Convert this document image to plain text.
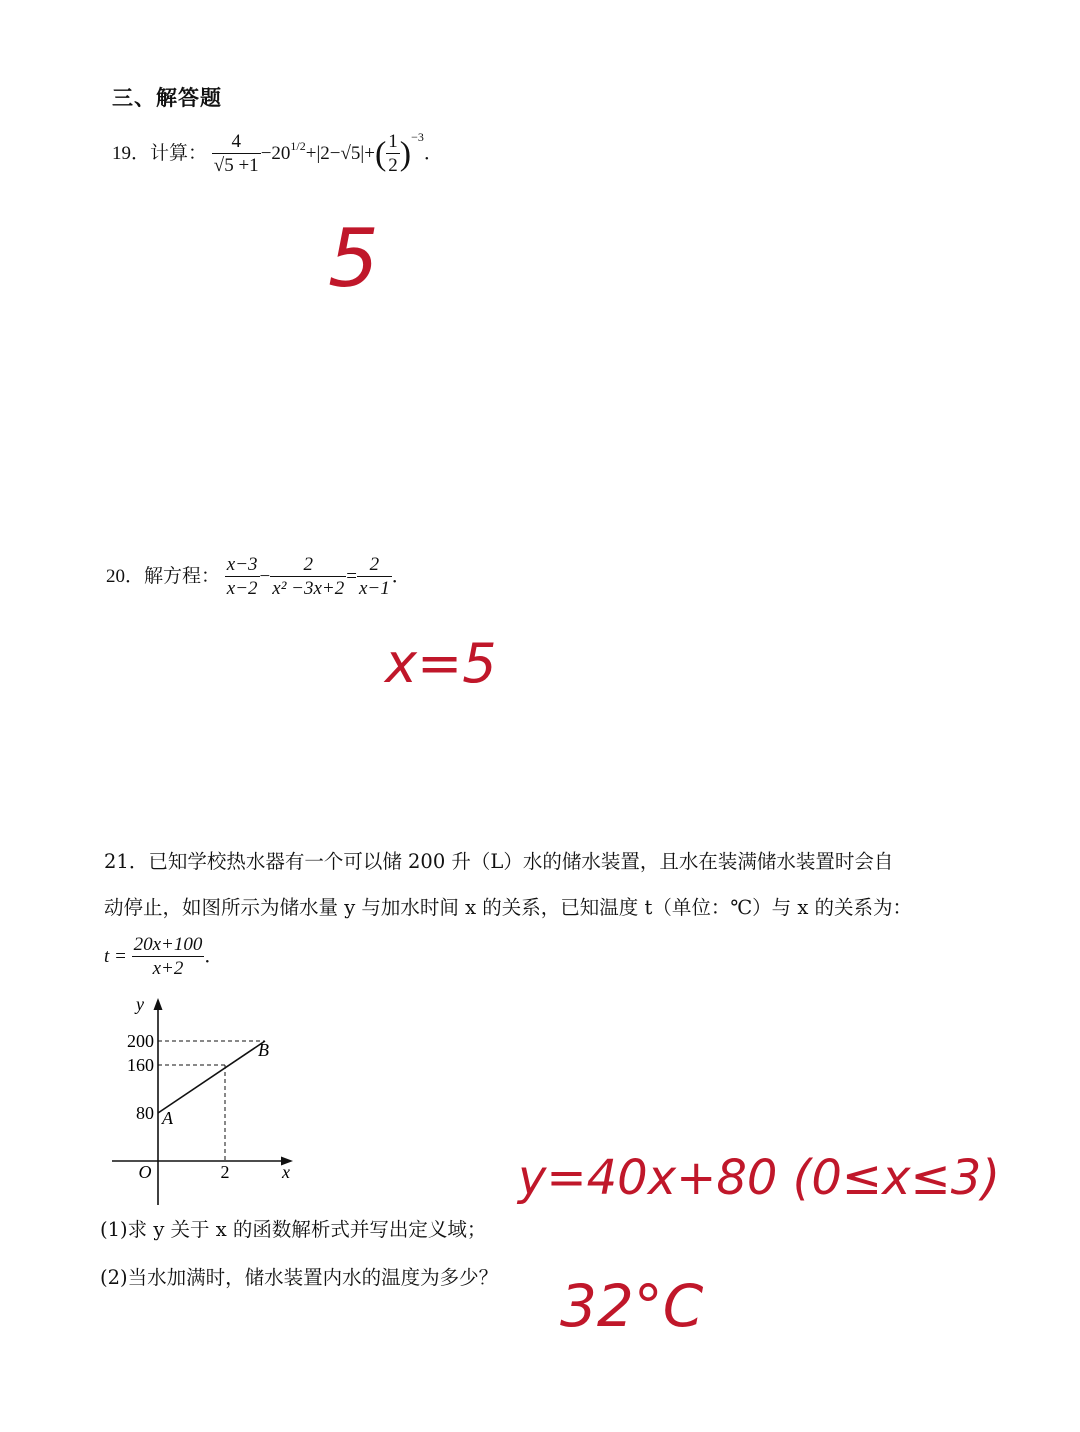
三、解答题
19．计算： $\frac{4}{√5 +1} -20^{1/2}+|2-√5|+( \frac{1}{2} )^{-3}$．
5
20．解方程： $\frac{x-3}{x-2} - \frac{2}{\text{x² −3x+2}} = \frac{2}{x-1}$ ．
x=5
21．已知学校热水器有一个可以储 200 升（L）水的储水装置，且水在装满储水装置时会自
动停止，如图所示为储水量 y 与加水时间 x 的关系，已知温度 t（单位：℃）与 x 的关系为：
$t = \frac{20x+100}{x+2}$ ．
y
x
O
200
160
80
2
A
B
(1)求 y 关于 x 的函数解析式并写出定义域；
(2)当水加满时，储水装置内水的温度为多少？
y=40x+80 (0≤x≤3)
32°C
